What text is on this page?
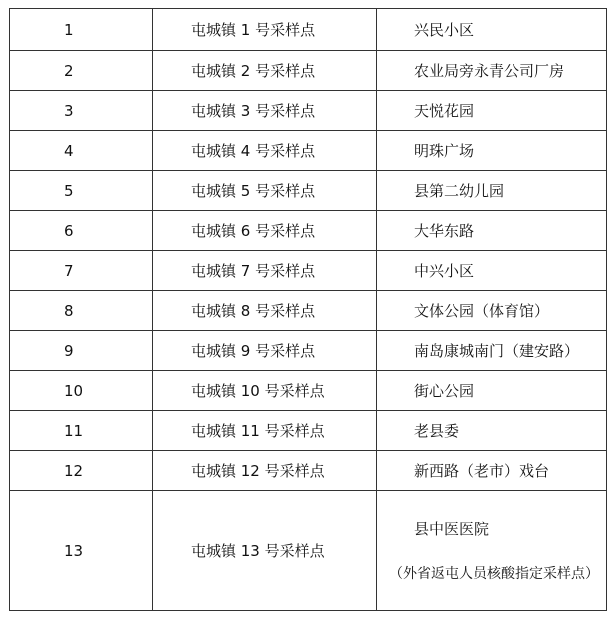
1	屯城镇 1 号采样点	兴民小区
2	屯城镇 2 号采样点	农业局旁永青公司厂房
3	屯城镇 3 号采样点	天悦花园
4	屯城镇 4 号采样点	明珠广场
5	屯城镇 5 号采样点	县第二幼儿园
6	屯城镇 6 号采样点	大华东路
7	屯城镇 7 号采样点	中兴小区
8	屯城镇 8 号采样点	文体公园（体育馆）
9	屯城镇 9 号采样点	南岛康城南门（建安路）
10	屯城镇 10 号采样点	街心公园
11	屯城镇 11 号采样点	老县委
12	屯城镇 12 号采样点	新西路（老市）戏台
13	屯城镇 13 号采样点	县中医医院
（外省返屯人员核酸指定采样点）
